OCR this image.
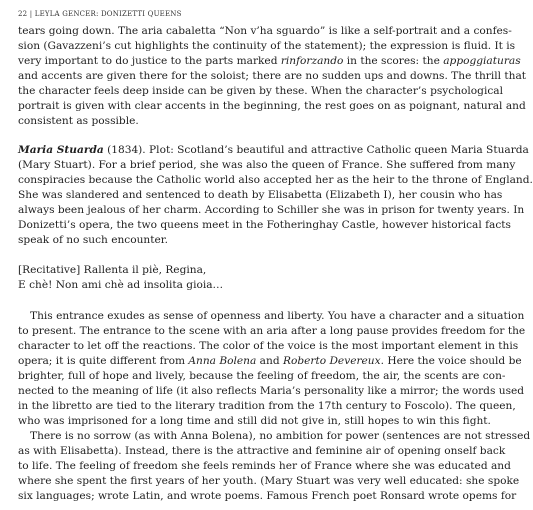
22 | LEYLA GENCER: DONIZETTI QUEENS
tears going down. The aria cabaletta “Non v’ha sguardo” is like a self-portrait and a confes-
sion (Gavazzeni’s cut highlights the continuity of the statement); the expression is fluid. It is
very important to do justice to the parts marked rinforzando in the scores: the appoggiaturas
and accents are given there for the soloist; there are no sudden ups and downs. The thrill that
the character feels deep inside can be given by these. When the character’s psychological
portrait is given with clear accents in the beginning, the rest goes on as poignant, natural and
consistent as possible.
Maria Stuarda (1834). Plot: Scotland’s beautiful and attractive Catholic queen Maria Stuarda
(Mary Stuart). For a brief period, she was also the queen of France. She suffered from many
conspiracies because the Catholic world also accepted her as the heir to the throne of England.
She was slandered and sentenced to death by Elisabetta (Elizabeth I), her cousin who has
always been jealous of her charm. According to Schiller she was in prison for twenty years. In
Donizetti’s opera, the two queens meet in the Fotheringhay Castle, however historical facts
speak of no such encounter.
[Recitative] Rallenta il piè, Regina,
E chè! Non ami chè ad insolita gioia…
This entrance exudes as sense of openness and liberty. You have a character and a situation
to present. The entrance to the scene with an aria after a long pause provides freedom for the
character to let off the reactions. The color of the voice is the most important element in this
opera; it is quite different from Anna Bolena and Roberto Devereux. Here the voice should be
brighter, full of hope and lively, because the feeling of freedom, the air, the scents are con-
nected to the meaning of life (it also reflects Maria’s personality like a mirror; the words used
in the libretto are tied to the literary tradition from the 17th century to Foscolo). The queen,
who was imprisoned for a long time and still did not give in, still hopes to win this fight.
There is no sorrow (as with Anna Bolena), no ambition for power (sentences are not stressed
as with Elisabetta). Instead, there is the attractive and feminine air of opening onself back
to life. The feeling of freedom she feels reminds her of France where she was educated and
where she spent the first years of her youth. (Mary Stuart was very well educated: she spoke
six languages; wrote Latin, and wrote poems. Famous French poet Ronsard wrote opems for
